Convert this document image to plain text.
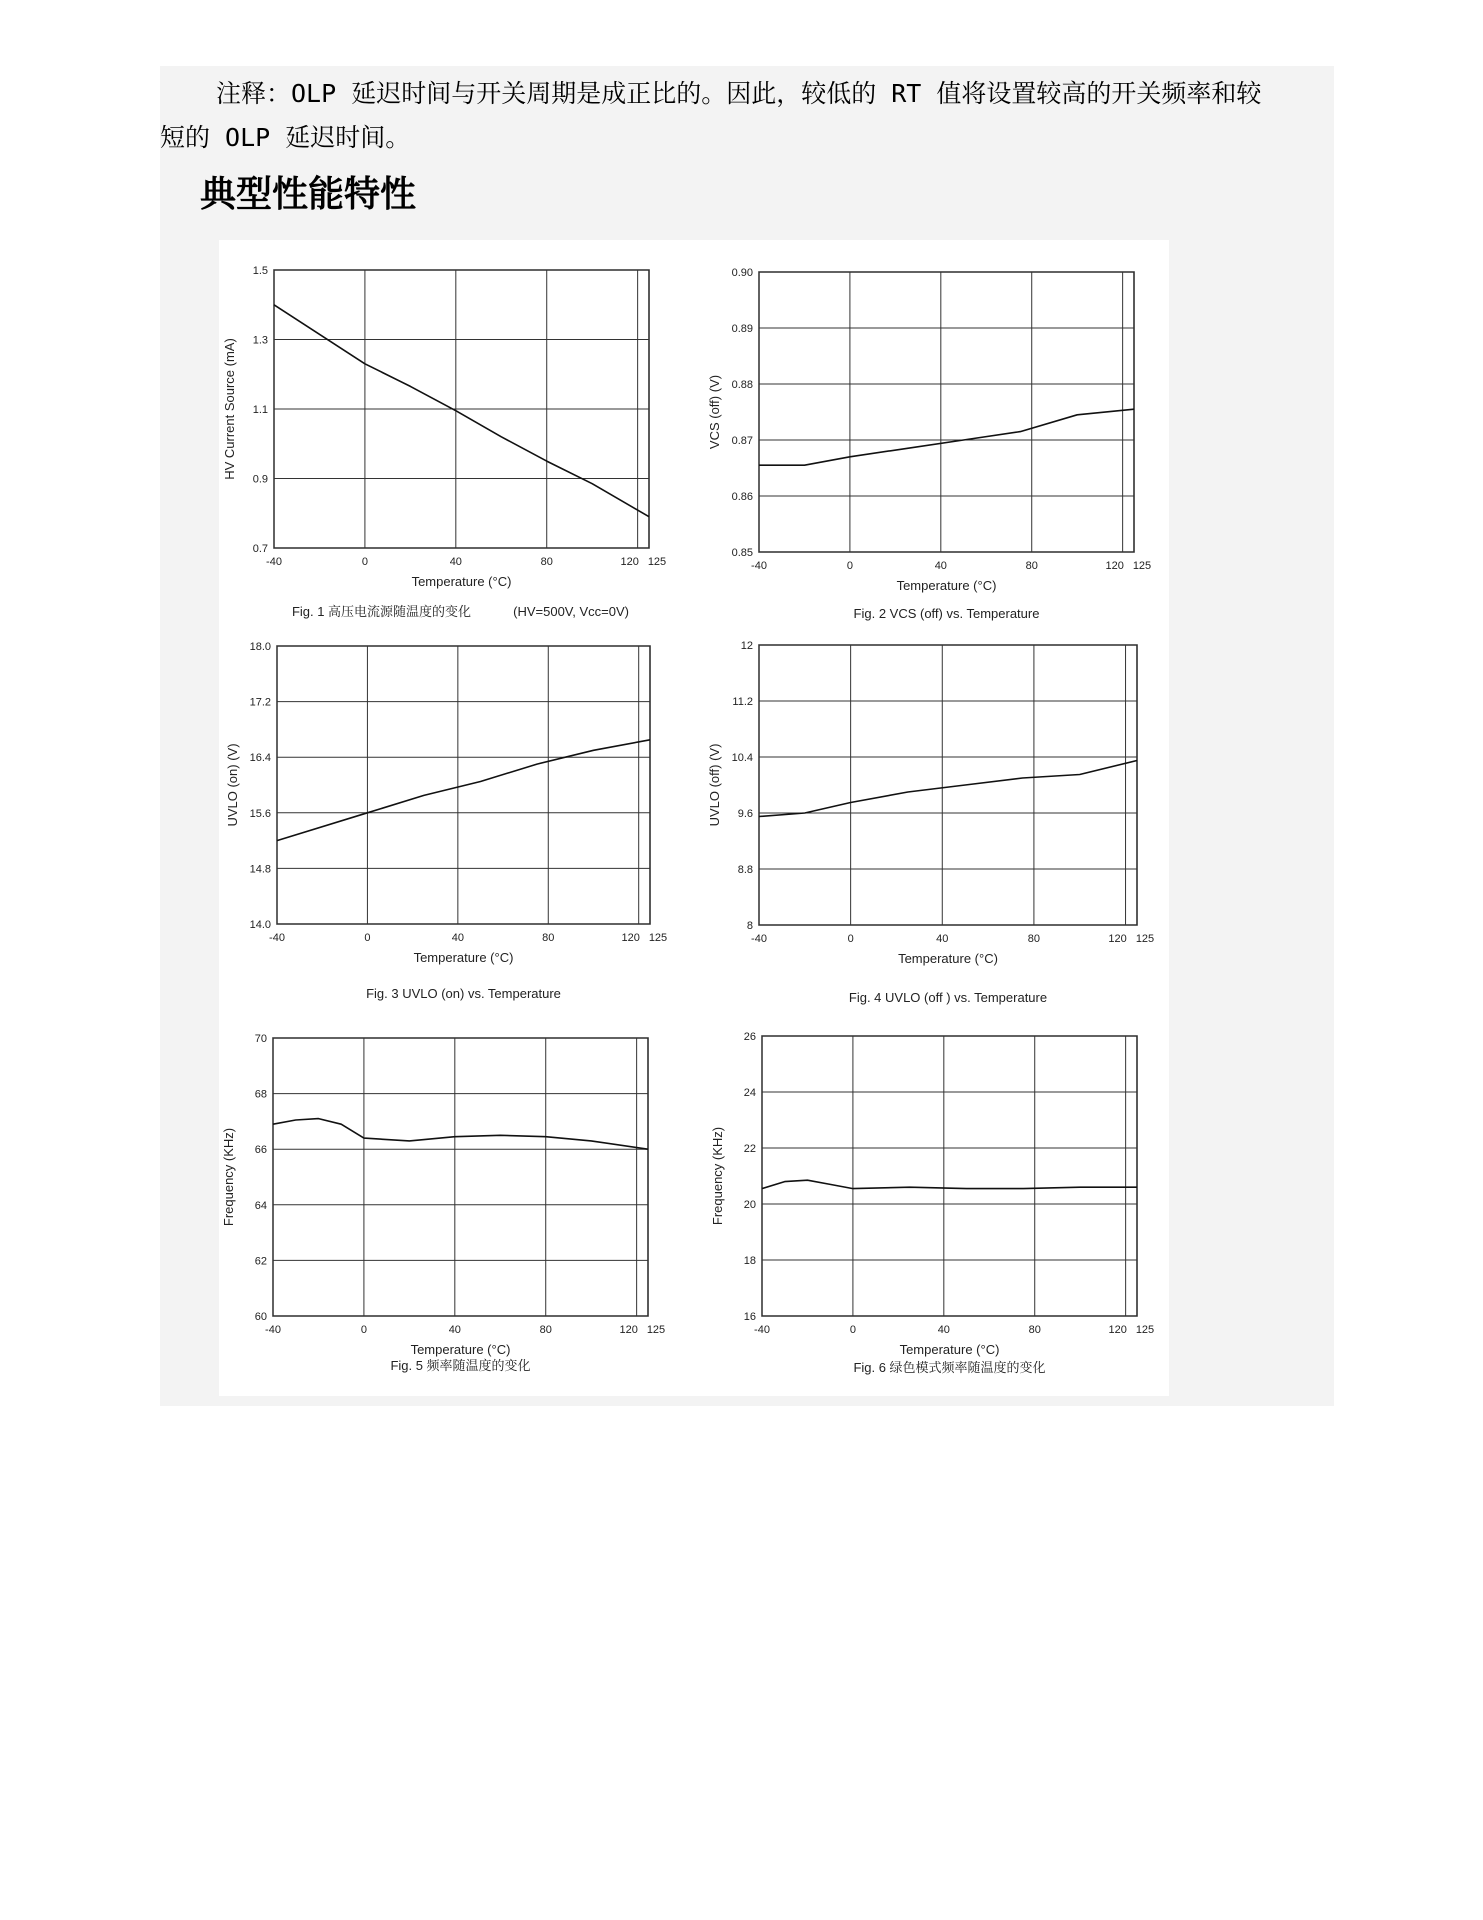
注释：OLP 延迟时间与开关周期是成正比的。因此，较低的 RT 值将设置较高的开关频率和较
短的 OLP 延迟时间。

典型性能特性
-40	0	40	80	120 125
1.5
1.3
1.1
0.9
0.7
Temperature (°C)
HV Current Source (mA)
Fig. 1 高压电流源随温度的变化	(HV=500V, Vcc=0V)
-40	0	40	80	120 125
0.90
0.89
0.88
0.87
0.86
0.85
Temperature (°C)
VCS (off) (V)
Fig. 2 VCS (off) vs. Temperature
-40	0	40	80	120 125
18.0
17.2
16.4
15.6
14.8
14.0
Temperature (°C)
UVLO (on) (V)
Fig. 3 UVLO (on) vs. Temperature
-40	0	40	80	120 125
12
11.2
10.4
9.6
8.8
8
Temperature (°C)
UVLO (off) (V)
Fig. 4 UVLO (off ) vs. Temperature
-40	0	40	80	120 125
70
68
66
64
62
60
Temperature (°C)
Frequency (KHz)
Fig. 5 频率随温度的变化
-40	0	40	80	120 125
26
24
22
20
18
16
Temperature (°C)
Frequency (KHz)
Fig. 6 绿色模式频率随温度的变化
